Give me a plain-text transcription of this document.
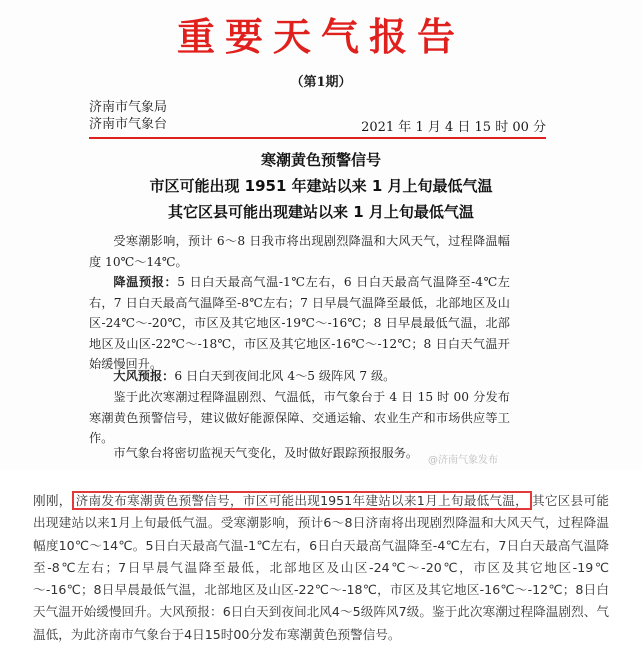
重要天气报告
（第1期）
济南市气象局
济南市气象台	2021 年 1 月 4 日 15 时 00 分
寒潮黄色预警信号
市区可能出现 1951 年建站以来 1 月上旬最低气温
其它区县可能出现建站以来 1 月上旬最低气温
受寒潮影响，预计 6～8 日我市将出现剧烈降温和大风天气，过程降温幅度 10℃～14℃。
降温预报：5 日白天最高气温-1℃左右，6 日白天最高气温降至-4℃左右，7 日白天最高气温降至-8℃左右；7 日早晨气温降至最低，北部地区及山区-24℃～-20℃，市区及其它地区-19℃～-16℃；8 日早晨最低气温，北部地区及山区-22℃～-18℃，市区及其它地区-16℃～-12℃；8 日白天气温开始缓慢回升。
大风预报：6 日白天到夜间北风 4～5 级阵风 7 级。
鉴于此次寒潮过程降温剧烈、气温低，市气象台于 4 日 15 时 00 分发布寒潮黄色预警信号，建议做好能源保障、交通运输、农业生产和市场供应等工作。
市气象台将密切监视天气变化，及时做好跟踪预报服务。
@济南气象发布
刚刚， 济南发布寒潮黄色预警信号，市区可能出现1951年建站以来1月上旬最低气温， 其它区县可能出现建站以来1月上旬最低气温。受寒潮影响，预计6～8日济南将出现剧烈降温和大风天气，过程降温幅度10℃～14℃。5日白天最高气温-1℃左右，6日白天最高气温降至-4℃左右，7日白天最高气温降至-8℃左右；7日早晨气温降至最低，北部地区及山区-24℃～-20℃，市区及其它地区-19℃～-16℃；8日早晨最低气温，北部地区及山区-22℃～-18℃，市区及其它地区-16℃～-12℃；8日白天气温开始缓慢回升。大风预报：6日白天到夜间北风4～5级阵风7级。鉴于此次寒潮过程降温剧烈、气温低，为此济南市气象台于4日15时00分发布寒潮黄色预警信号。
